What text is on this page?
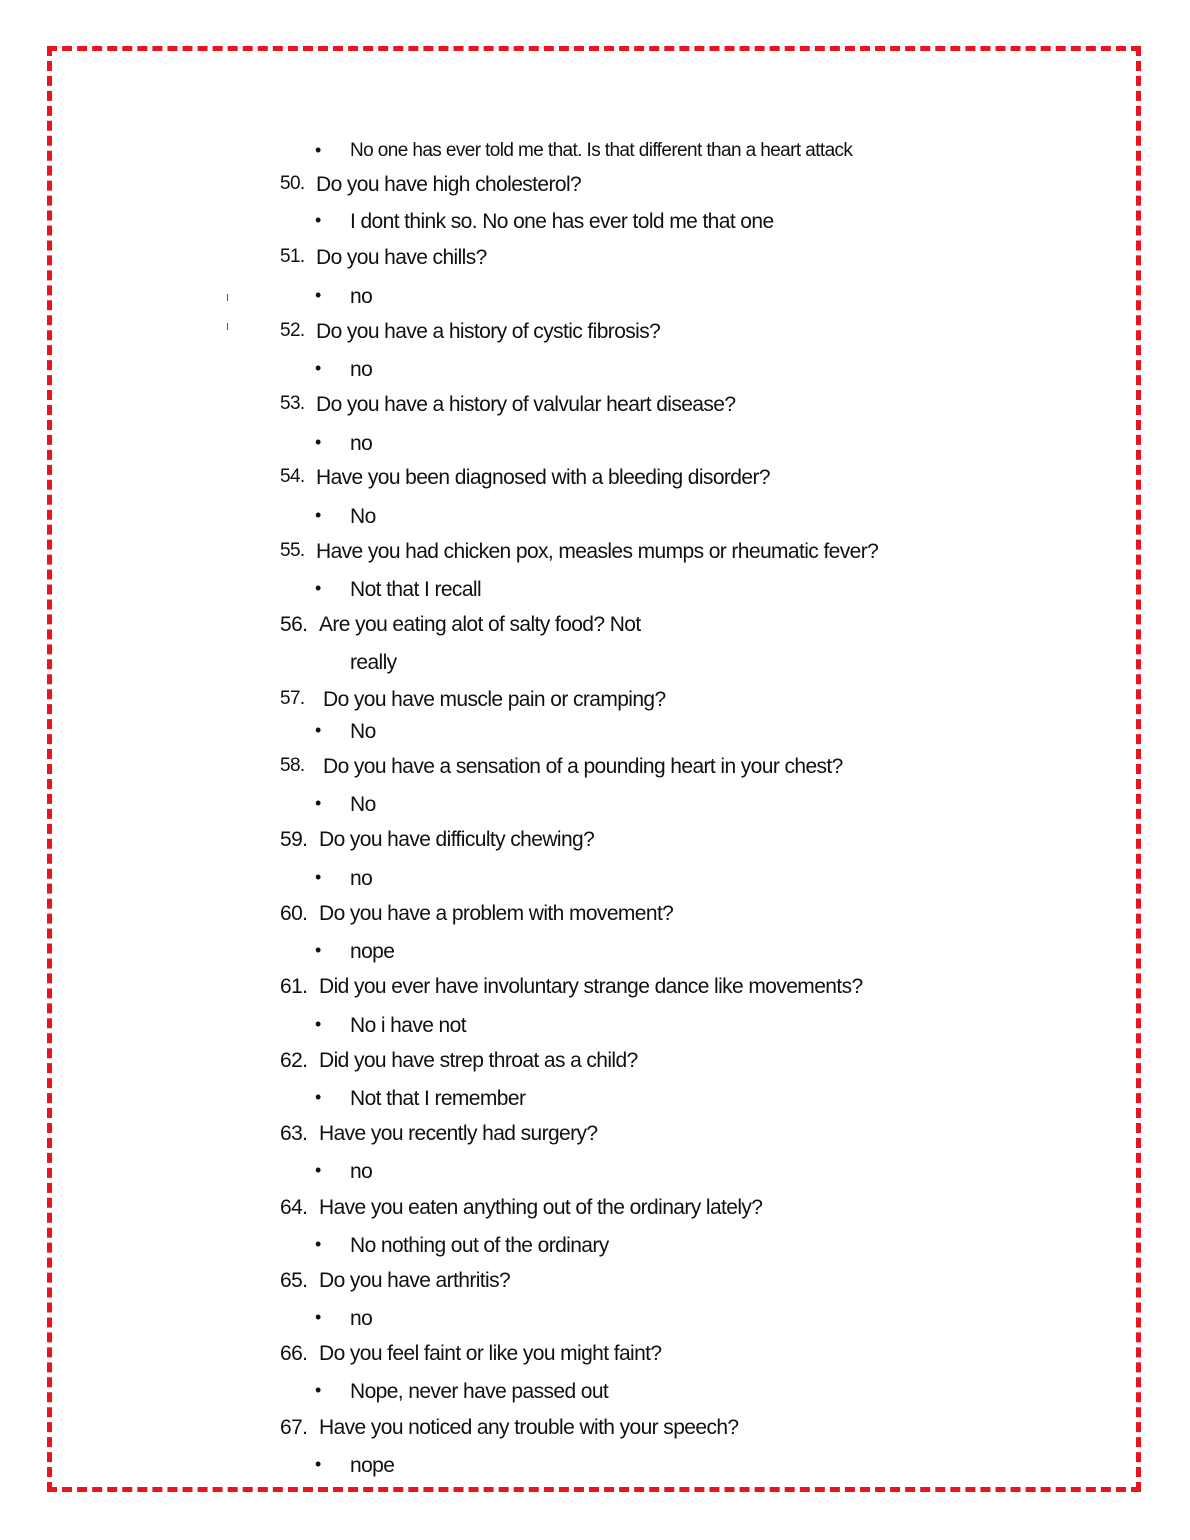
• No one has ever told me that. Is that different than a heart attack
50. Do you have high cholesterol?
• I dont think so. No one has ever told me that one
51. Do you have chills?
• no
52. Do you have a history of cystic fibrosis?
• no
53. Do you have a history of valvular heart disease?
• no
54. Have you been diagnosed with a bleeding disorder?
• No
55. Have you had chicken pox, measles mumps or rheumatic fever?
• Not that I recall
56. Are you eating alot of salty food? Not
really
57. Do you have muscle pain or cramping?
• No
58. Do you have a sensation of a pounding heart in your chest?
• No
59. Do you have difficulty chewing?
• no
60. Do you have a problem with movement?
• nope
61. Did you ever have involuntary strange dance like movements?
• No i have not
62. Did you have strep throat as a child?
• Not that I remember
63. Have you recently had surgery?
• no
64. Have you eaten anything out of the ordinary lately?
• No nothing out of the ordinary
65. Do you have arthritis?
• no
66. Do you feel faint or like you might faint?
• Nope, never have passed out
67. Have you noticed any trouble with your speech?
• nope
